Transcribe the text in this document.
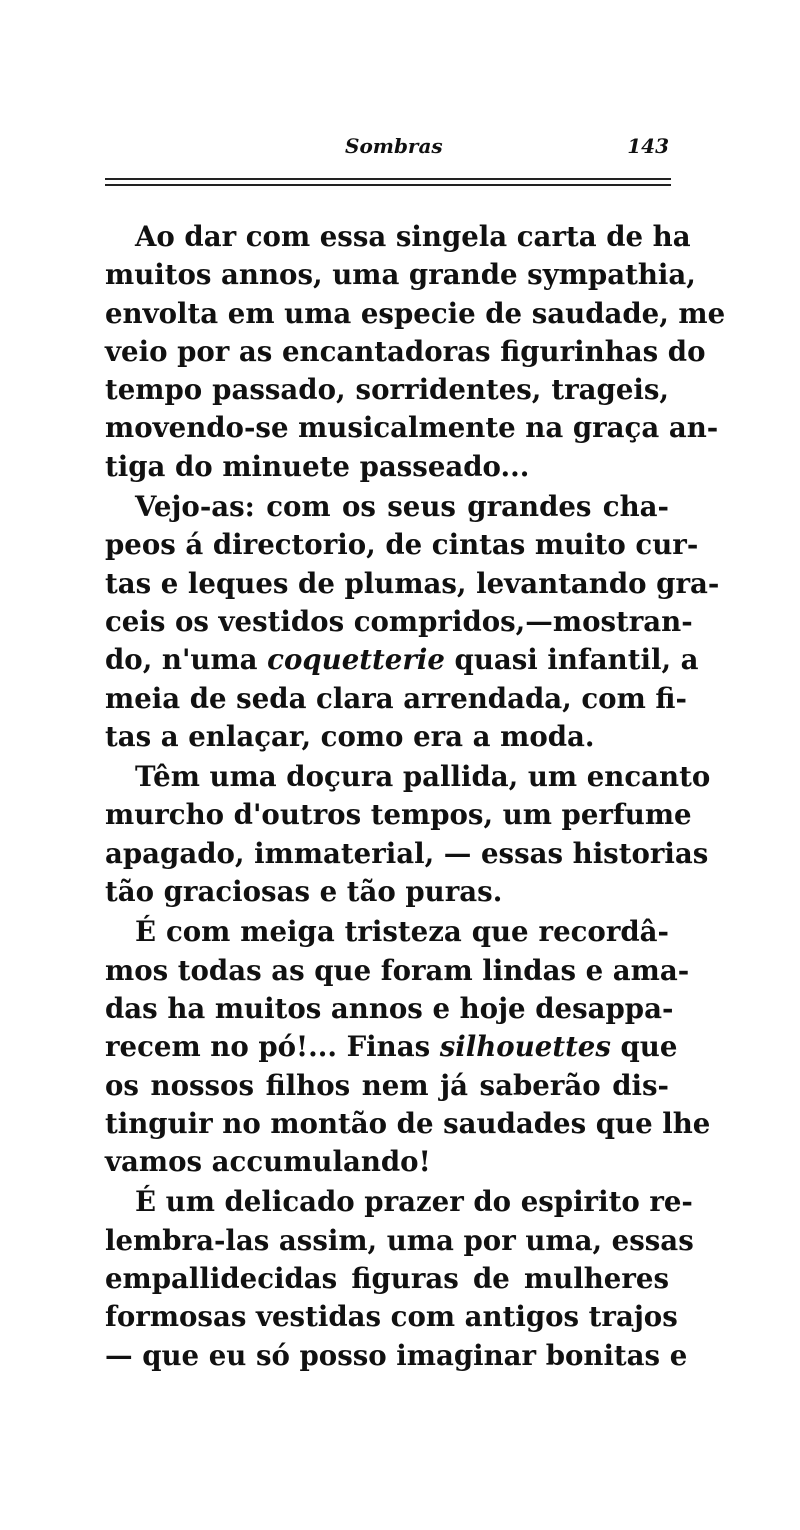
Sombras	143
Ao dar com essa singela carta de ha
muitos annos, uma grande sympathia,
envolta em uma especie de saudade, me
veio por as encantadoras figurinhas do
tempo passado, sorridentes, trageis,
movendo-se musicalmente na graça an-
tiga do minuete passeado...
Vejo-as: com os seus grandes cha-
peos á directorio, de cintas muito cur-
tas e leques de plumas, levantando gra-
ceis os vestidos compridos,—mostran-
do, n'uma coquetterie quasi infantil, a
meia de seda clara arrendada, com fi-
tas a enlaçar, como era a moda.
Têm uma doçura pallida, um encanto
murcho d'outros tempos, um perfume
apagado, immaterial, — essas historias
tão graciosas e tão puras.
É com meiga tristeza que recordâ-
mos todas as que foram lindas e ama-
das ha muitos annos e hoje desappa-
recem no pó!... Finas silhouettes que
os nossos filhos nem já saberão dis-
tinguir no montão de saudades que lhe
vamos accumulando!
É um delicado prazer do espirito re-
lembra-las assim, uma por uma, essas
empallidecidas figuras de mulheres
formosas vestidas com antigos trajos
— que eu só posso imaginar bonitas e
